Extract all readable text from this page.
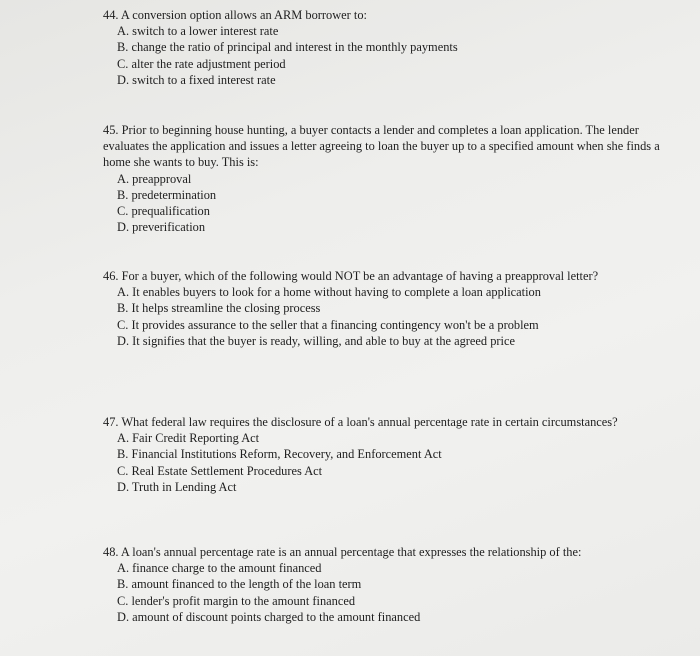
44. A conversion option allows an ARM borrower to:

A. switch to a lower interest rate
B. change the ratio of principal and interest in the monthly payments
C. alter the rate adjustment period
D. switch to a fixed interest rate

45. Prior to beginning house hunting, a buyer contacts a lender and completes a loan application. The lender evaluates the application and issues a letter agreeing to loan the buyer up to a specified amount when she finds a home she wants to buy. This is:

A. preapproval
B. predetermination
C. prequalification
D. preverification

46. For a buyer, which of the following would NOT be an advantage of having a preapproval letter?

A. It enables buyers to look for a home without having to complete a loan application
B. It helps streamline the closing process
C. It provides assurance to the seller that a financing contingency won't be a problem
D. It signifies that the buyer is ready, willing, and able to buy at the agreed price

47. What federal law requires the disclosure of a loan's annual percentage rate in certain circumstances?

A. Fair Credit Reporting Act
B. Financial Institutions Reform, Recovery, and Enforcement Act
C. Real Estate Settlement Procedures Act
D. Truth in Lending Act

48. A loan's annual percentage rate is an annual percentage that expresses the relationship of the:

A. finance charge to the amount financed
B. amount financed to the length of the loan term
C. lender's profit margin to the amount financed
D. amount of discount points charged to the amount financed
